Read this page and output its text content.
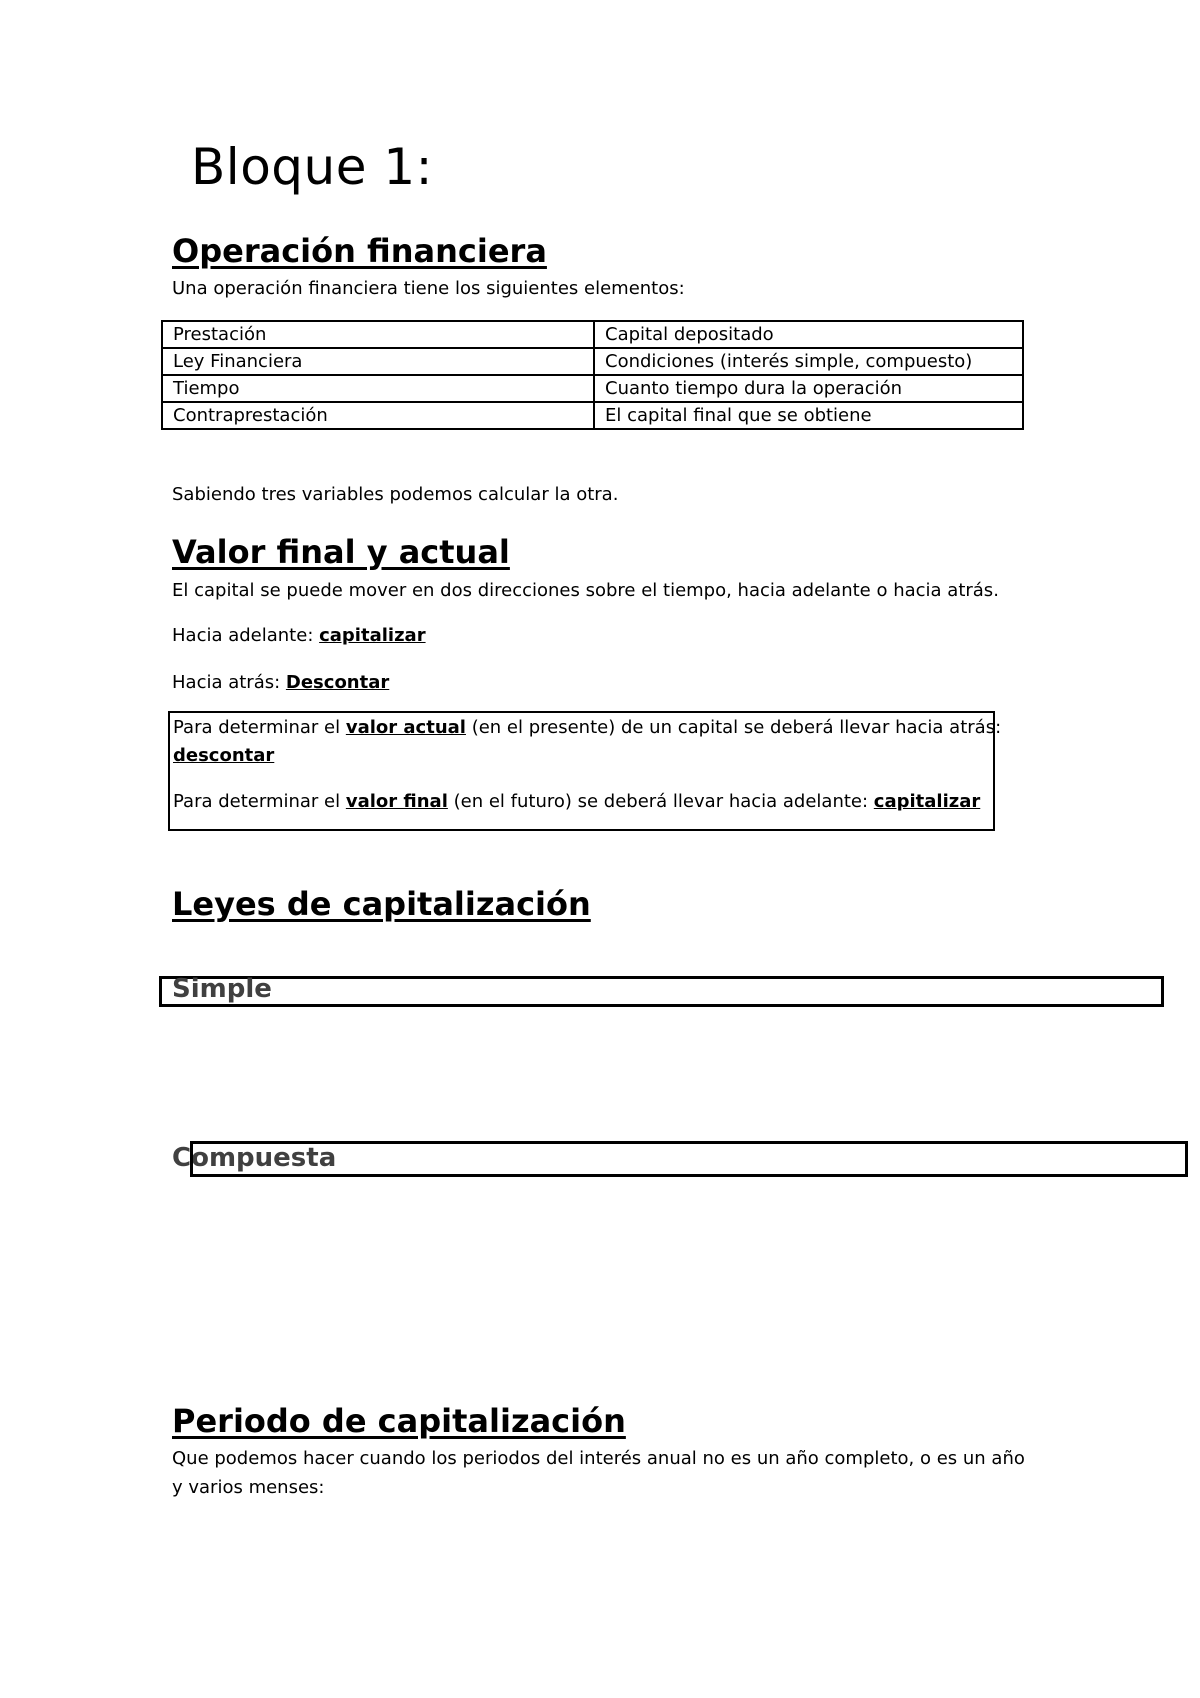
Bloque 1:
Operación financiera

Una operación financiera tiene los siguientes elementos:

Prestación	Capital depositado
Ley Financiera	Condiciones (interés simple, compuesto)
Tiempo	Cuanto tiempo dura la operación
Contraprestación	El capital final que se obtiene

Sabiendo tres variables podemos calcular la otra.

Valor final y actual

El capital se puede mover en dos direcciones sobre el tiempo, hacia adelante o hacia atrás.

Hacia adelante: capitalizar

Hacia atrás: Descontar

Para determinar el valor actual (en el presente) de un capital se deberá llevar hacia atrás:
descontar
Para determinar el valor final (en el futuro) se deberá llevar hacia adelante: capitalizar
Leyes de capitalización
Simple
Compuesta
Periodo de capitalización

Que podemos hacer cuando los periodos del interés anual no es un año completo, o es un año

y varios menses:
